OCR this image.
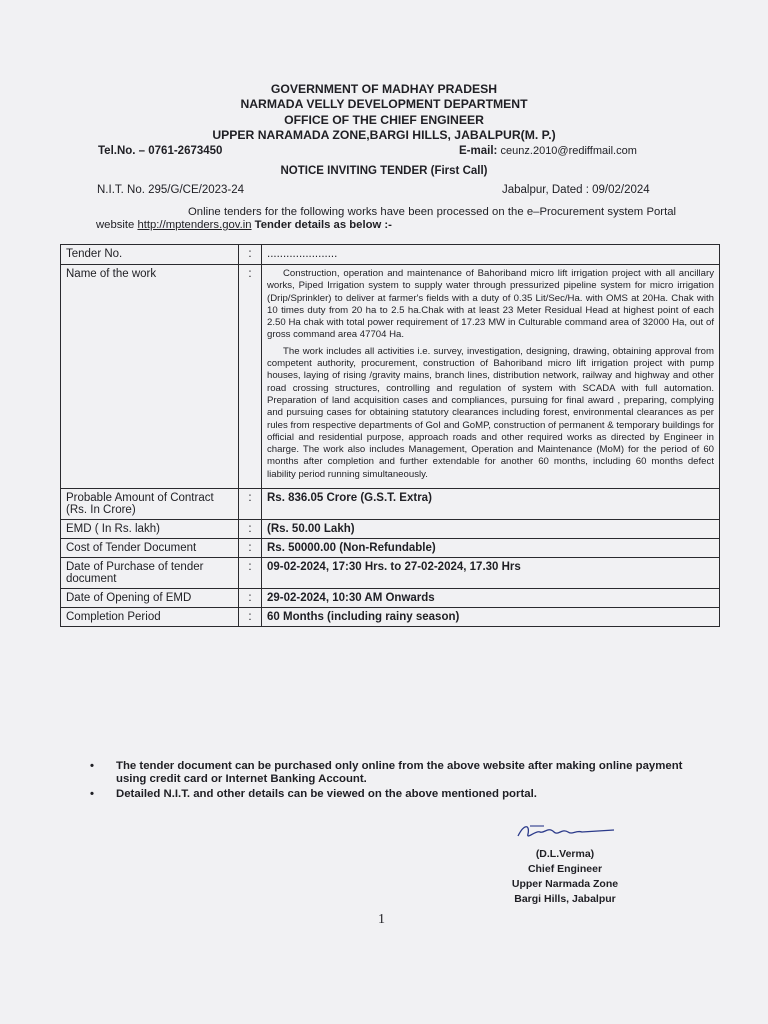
GOVERNMENT OF MADHAY PRADESH
NARMADA VELLY DEVELOPMENT DEPARTMENT
OFFICE OF THE CHIEF ENGINEER
UPPER NARAMADA ZONE,BARGI HILLS, JABALPUR(M. P.)
Tel.No. – 0761-2673450	E-mail: ceunz.2010@rediffmail.com
NOTICE INVITING TENDER (First Call)
N.I.T. No. 295/G/CE/2023-24	Jabalpur, Dated : 09/02/2024
Online tenders for the following works have been processed on the e–Procurement system Portal website http://mptenders.gov.in Tender details as below :-
Tender No.	:	......................
Name of the work	:	Construction, operation and maintenance of Bahoriband micro lift irrigation project with all ancillary works, Piped Irrigation system to supply water through pressurized pipeline system for micro irrigation (Drip/Sprinkler) to deliver at farmer's fields with a duty of 0.35 Lit/Sec/Ha. with OMS at 20Ha. Chak with 10 times duty from 20 ha to 2.5 ha.Chak with at least 23 Meter Residual Head at highest point of each 2.50 Ha chak with total power requirement of 17.23 MW in Culturable command area of 32000 Ha, out of gross command area 47704 Ha.

The work includes all activities i.e. survey, investigation, designing, drawing, obtaining approval from competent authority, procurement, construction of Bahoriband micro lift irrigation project with pump houses, laying of rising /gravity mains, branch lines, distribution network, railway and highway and other road crossing structures, controlling and regulation of system with SCADA with full automation. Preparation of land acquisition cases and compliances, pursuing for final award , preparing, complying and pursuing cases for obtaining statutory clearances including forest, environmental clearances as per rules from respective departments of GoI and GoMP, construction of permanent & temporary buildings for official and residential purpose, approach roads and other required works as directed by Engineer in charge. The work also includes Management, Operation and Maintenance (MoM) for the period of 60 months after completion and further extendable for another 60 months, including 60 months defect liability period running simultaneously.

Probable Amount of Contract (Rs. In Crore)	:	Rs. 836.05 Crore (G.S.T. Extra)
EMD ( In Rs. lakh)	:	(Rs. 50.00 Lakh)
Cost of Tender Document	:	Rs. 50000.00 (Non-Refundable)
Date of Purchase of tender document	:	09-02-2024, 17:30 Hrs. to 27-02-2024, 17.30 Hrs
Date of Opening of EMD	:	29-02-2024, 10:30 AM Onwards
Completion Period	:	60 Months (including rainy season)
•	The tender document can be purchased only online from the above website after making online payment using credit card or Internet Banking Account.
•	Detailed N.I.T. and other details can be viewed on the above mentioned portal.
(D.L.Verma)
Chief Engineer
Upper Narmada Zone
Bargi Hills, Jabalpur
1
